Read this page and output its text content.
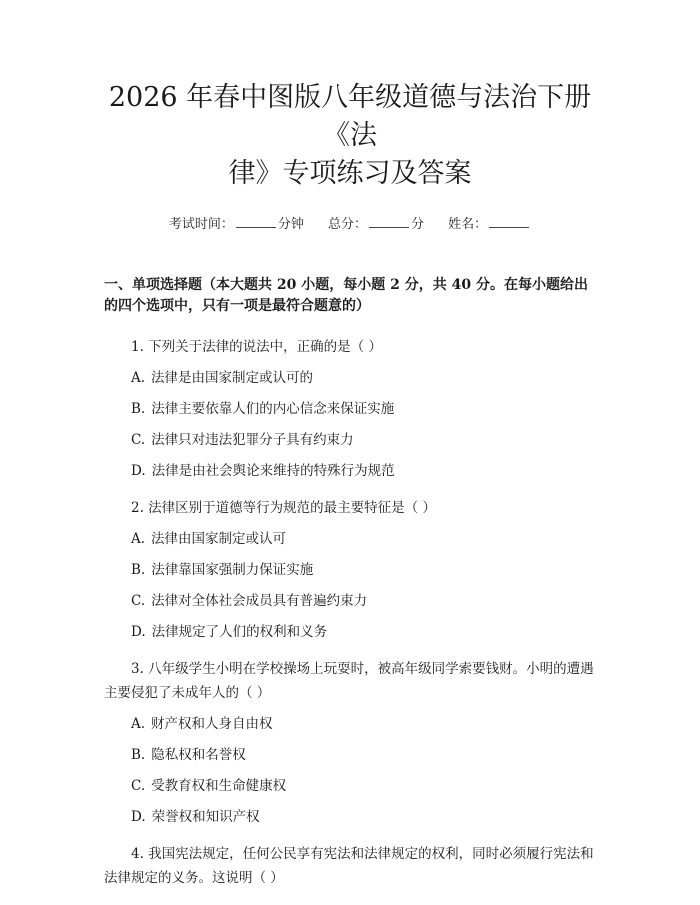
2026 年春中图版八年级道德与法治下册《法
律》专项练习及答案
考试时间：	分钟 总分：	分 姓名：
一、单项选择题（本大题共 20 小题，每小题 2 分，共 40 分。在每小题给出的四个选项中，只有一项是最符合题意的）
1. 下列关于法律的说法中，正确的是（ ）
A. 法律是由国家制定或认可的
B. 法律主要依靠人们的内心信念来保证实施
C. 法律只对违法犯罪分子具有约束力
D. 法律是由社会舆论来维持的特殊行为规范
2. 法律区别于道德等行为规范的最主要特征是（ ）
A. 法律由国家制定或认可
B. 法律靠国家强制力保证实施
C. 法律对全体社会成员具有普遍约束力
D. 法律规定了人们的权利和义务
3. 八年级学生小明在学校操场上玩耍时，被高年级同学索要钱财。小明的遭遇主要侵犯了未成年人的（ ）
A. 财产权和人身自由权
B. 隐私权和名誉权
C. 受教育权和生命健康权
D. 荣誉权和知识产权
4. 我国宪法规定，任何公民享有宪法和法律规定的权利，同时必须履行宪法和法律规定的义务。这说明（ ）
